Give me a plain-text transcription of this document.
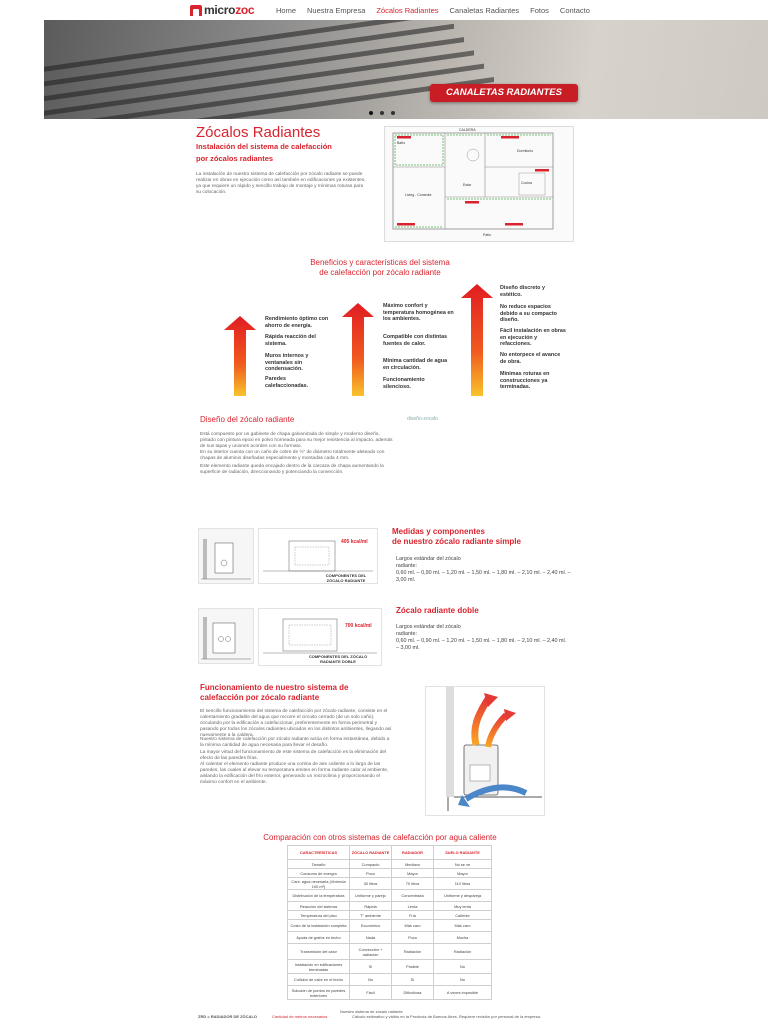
microzoc	Home Nuestra Empresa Zócalos Radiantes Canaletas Radiantes Fotos Contacto
CANALETAS RADIANTES
Zócalos Radiantes
Instalación del sistema de calefacción
por zócalos radiantes
La instalación de nuestro sistema de calefacción por zócalo radiante se puede realizar en obras en ejecución como así también en edificaciones ya existentes, ya que requiere un rápido y sencillo trabajo de montaje y mínimas roturas para su colocación.
CALDERA
Baño
Dormitorio
Cocina
Living - Comedor
Estar
Patio
Beneficios y características del sistema
de calefacción por zócalo radiante
Rendimiento óptimo con ahorro de energía.
Rápida reacción del sistema.
Muros internos y ventanales sin condensación.
Paredes calefaccionadas.
Máximo confort y temperatura homogénea en los ambientes.
Compatible con distintas fuentes de calor.
Mínima cantidad de agua en circulación.
Funcionamiento silencioso.
Diseño discreto y estético.
No reduce espacios debido a su compacto diseño.
Fácil instalación en obras en ejecución y refacciones.
No entorpece el avance de obra.
Mínimas roturas en construcciones ya terminadas.
Diseño del zócalo radiante	diseño-zocalo
Está compuesto por un gabinete de chapa galvanizada de simple y moderno diseño, pintado con pintura epoxi en polvo horneada para su mejor resistencia al impacto, además de sus tapas y uniones acordes con su formato.
En su interior cuenta con un caño de cobre de ½" de diámetro totalmente aleteado con chapas de aluminio diseñadas especialmente y montadas cada 4 mm.
Este elemento radiante queda encajado dentro de la carcaza de chapa aumentando la superficie de radiación, direccionando y potenciando la convección.
405 kcal/ml
COMPONENTES DEL ZÓCALO RADIANTE
Medidas y componentes
de nuestro zócalo radiante simple
Largos estándar del zócalo radiante:
0,60 ml. – 0,90 ml. – 1,20 ml. – 1,50 ml. – 1,80 ml. – 2,10 ml. – 2,40 ml. – 3,00 ml.
700 kcal/ml
COMPONENTES DEL ZÓCALO RADIANTE DOBLE
Zócalo radiante doble
Largos estándar del zócalo radiante:
0,60 ml. – 0,90 ml. – 1,20 ml. – 1,50 ml. – 1,80 ml. – 2,10 ml. – 2,40 ml. – 3,00 ml.
Funcionamiento de nuestro sistema de
calefacción por zócalo radiante
El sencillo funcionamiento del sistema de calefacción por zócalo radiante, consiste en el calentamiento gradable del agua que recorre el circuito cerrado (de un solo caño), circulando por la edificación a calefaccionar, preferentemente en forma perimetral y pasando por todos los zócalos radiantes ubicados en los distintos ambientes, llegando así nuevamente a la caldera.
Nuestro sistema de calefacción por zócalo radiante actúa en forma instantánea, debido a la mínima cantidad de agua necesaria para llevar el desafío.
La mayor virtud del funcionamiento de este sistema de calefacción es la eliminación del efecto de las paredes frías.
Al calentar el elemento radiante produce una cortina de aire caliente a lo largo de las paredes, las cuales al elevar su temperatura emiten en forma radiante calor al ambiente, aislando la edificación del frío exterior, generando un microclima y proporcionando el máximo confort en el ambiente.
Comparación con otros sistemas de calefacción por agua caliente
CARACTERÍSTICAS	ZÓCALO RADIANTE	RADIADOR	SUELO RADIANTE
Tamaño	Compacto	Mediano	No se ve
Consumo de energía	Poco	Mayor	Mayor
Cant. agua necesaria (Vivienda 100 m²)	30 litros	70 litros	110 litros
Distribución de la temperatura	Uniforme y parejo	Concentrada	Uniforme y despareja
Reacción del sistema	Rápida	Lenta	Muy lenta
Temperatura del piso	T° ambiente	Fría	Caliente
Costo de la instalación completa	Económico	Más caro	Más caro
Ayuda de grafos en techo	Nada	Poco	Mucha
Transmisión del calor	Convección + radiación	Radiación	Radiación
Instalación en edificaciones terminadas	Sí	Posible	No
Colisión de calor en el techo	No	Sí	No
Solución de puntos en paredes exteriores	Fácil	Dificultosa	A veces imposible
Nuestro sistema de zócalo radiante
ZRD = RADIADOR DE ZÓCALO	Cantidad de metros necesarios	Cálculo estimativo y válido en la Provincia de Buenos Aires. Requiere revisión por personal de la empresa.
